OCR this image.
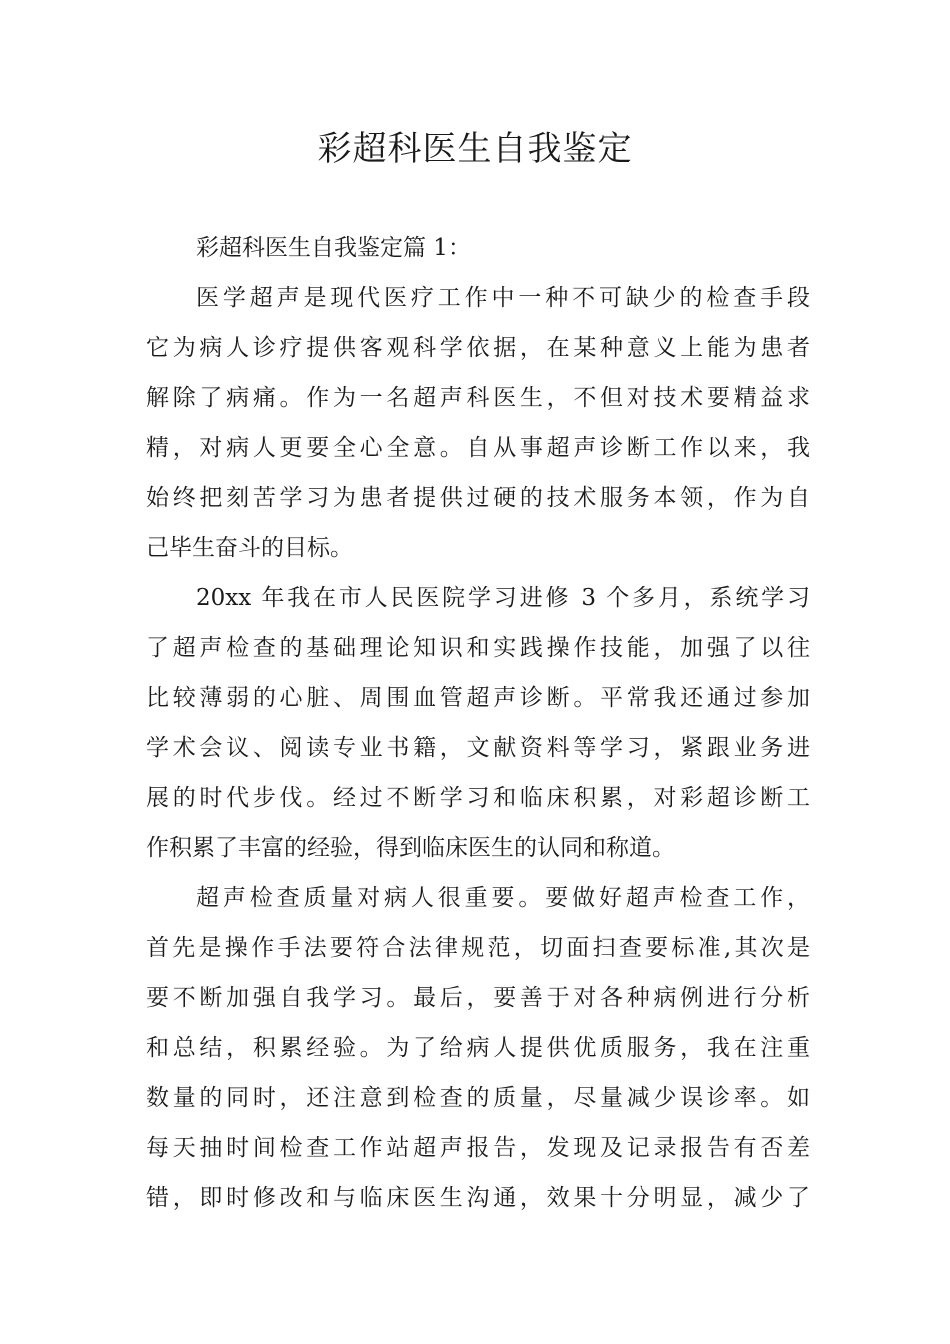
彩超科医生自我鉴定
彩超科医生自我鉴定篇 1：

医学超声是现代医疗工作中一种不可缺少的检查手段
它为病人诊疗提供客观科学依据，在某种意义上能为患者
解除了病痛。作为一名超声科医生，不但对技术要精益求
精，对病人更要全心全意。自从事超声诊断工作以来，我
始终把刻苦学习为患者提供过硬的技术服务本领，作为自
己毕生奋斗的目标。

20xx 年我在市人民医院学习进修 3 个多月，系统学习
了超声检查的基础理论知识和实践操作技能，加强了以往
比较薄弱的心脏、周围血管超声诊断。平常我还通过参加
学术会议、阅读专业书籍，文献资料等学习，紧跟业务进
展的时代步伐。经过不断学习和临床积累，对彩超诊断工
作积累了丰富的经验，得到临床医生的认同和称道。

超声检查质量对病人很重要。要做好超声检查工作，
首先是操作手法要符合法律规范，切面扫查要标准,其次是
要不断加强自我学习。最后，要善于对各种病例进行分析
和总结，积累经验。为了给病人提供优质服务，我在注重
数量的同时，还注意到检查的质量，尽量减少误诊率。如
每天抽时间检查工作站超声报告，发现及记录报告有否差
错，即时修改和与临床医生沟通，效果十分明显，减少了
